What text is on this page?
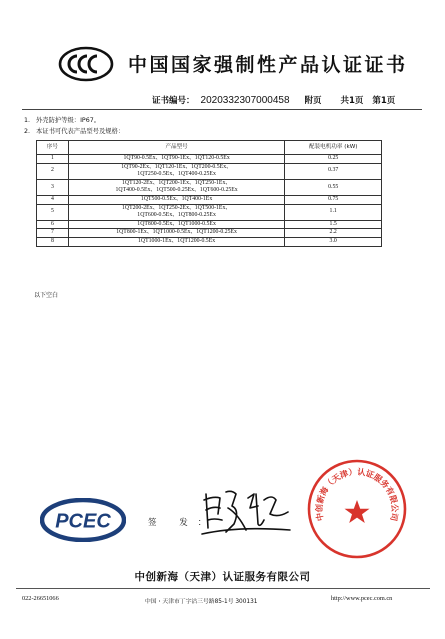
中国国家强制性产品认证证书
证书编号： 2020332307000458 附页 共1页 第1页
1. 外壳防护等级：IP67。
2. 本证书可代表产品型号及规格：
序号	产品型号	配装电机功率 (kW)
1	1QT90-0.5Ex、1QT90-1Ex、1QT120-0.5Ex	0.25
2	1QT90-2Ex、1QT120-1Ex、1QT200-0.5Ex、
1QT250-0.5Ex、1QT400-0.25Ex	0.37
3	1QT120-2Ex、1QT200-1Ex、1QT250-1Ex、
1QT400-0.5Ex、1QT500-0.25Ex、1QT600-0.25Ex	0.55
4	1QT500-0.5Ex、1QT400-1Ex	0.75
5	1QT200-2Ex、1QT250-2Ex、1QT500-1Ex、
1QT600-0.5Ex、1QT800-0.25Ex	1.1
6	1QT800-0.5Ex、1QT1000-0.5Ex	1.5
7	1QT800-1Ex、1QT1000-0.5Ex、1QT1200-0.25Ex	2.2
8	1QT1000-1Ex、1QT1200-0.5Ex	3.0
以下空白
PCEC	签 发：
中创新海（天津）认证服务有限公司
中创新海（天津）认证服务有限公司
022-26651066	中国・天津市丁字沽三号路85-1号 300131	http://www.pcec.com.cn
